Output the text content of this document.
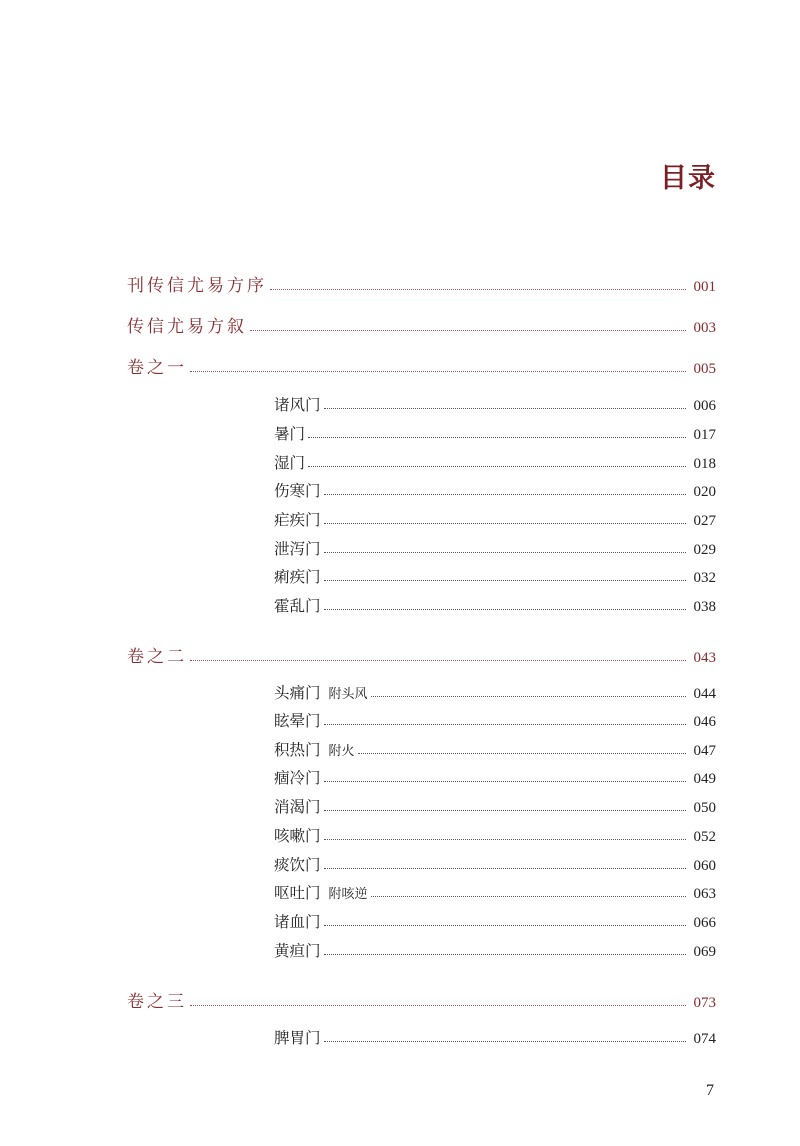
目录
刊传信尤易方序	001
传信尤易方叙	003
卷之一	005
诸风门	006
暑门	017
湿门	018
伤寒门	020
疟疾门	027
泄泻门	029
痢疾门	032
霍乱门	038
卷之二	043
头痛门 附头风	044
眩晕门	046
积热门 附火	047
痼冷门	049
消渴门	050
咳嗽门	052
痰饮门	060
呕吐门 附咳逆	063
诸血门	066
黄疸门	069
卷之三	073
脾胃门	074
7
